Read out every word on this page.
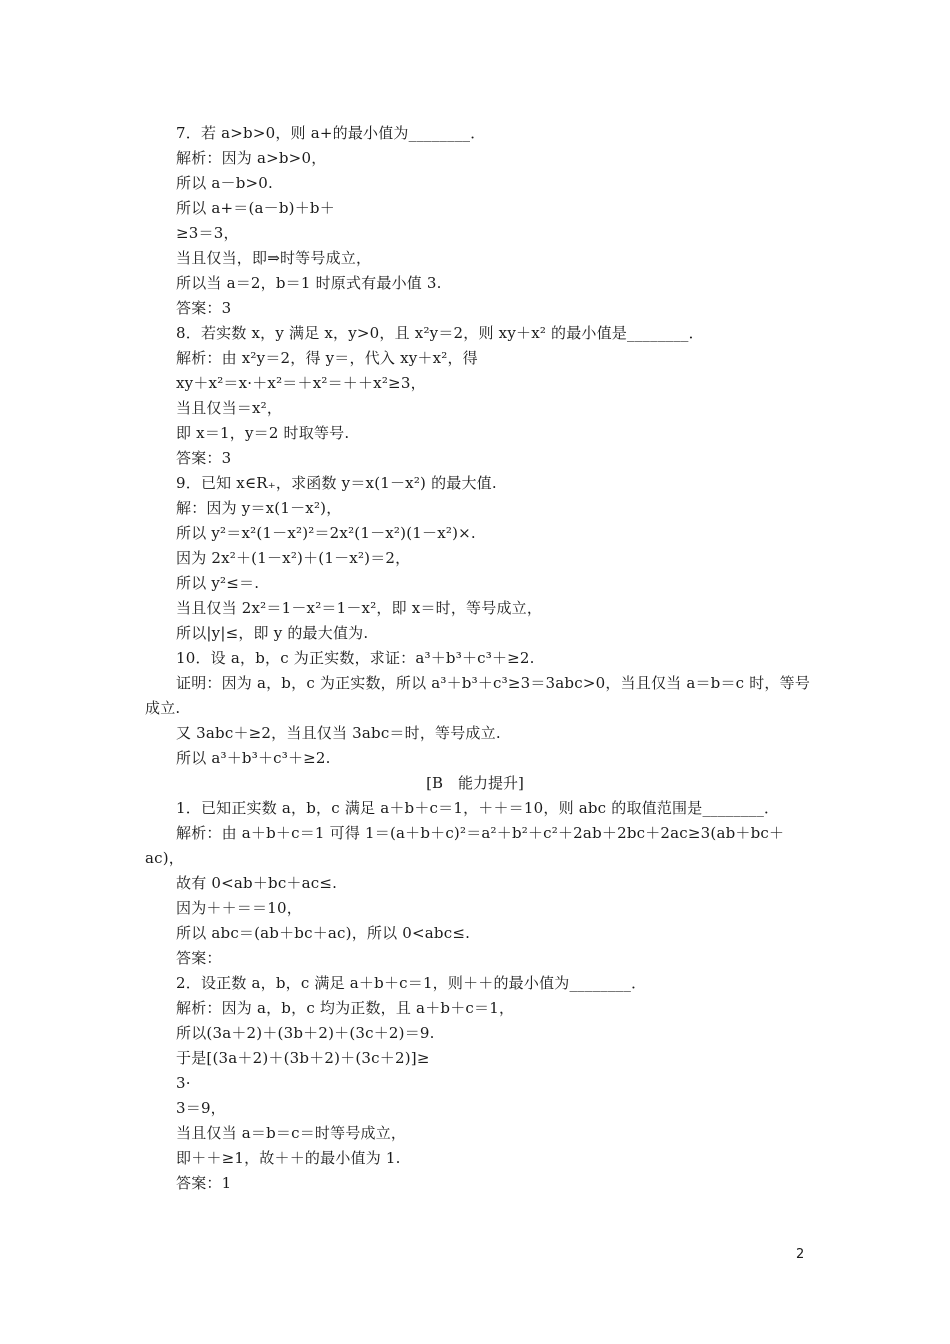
7．若 a>b>0，则 a+的最小值为________．
解析：因为 a>b>0，
所以 a－b>0.
所以 a+＝(a－b)＋b＋
≥3＝3，
当且仅当，即⇒时等号成立，
所以当 a＝2，b＝1 时原式有最小值 3.
答案：3
8．若实数 x，y 满足 x，y>0，且 x²y＝2，则 xy＋x² 的最小值是________．
解析：由 x²y＝2，得 y＝，代入 xy＋x²，得
xy＋x²＝x·＋x²＝＋x²＝＋＋x²≥3，
当且仅当＝x²，
即 x＝1，y＝2 时取等号.
答案：3
9．已知 x∈R₊，求函数 y＝x(1－x²) 的最大值.
解：因为 y＝x(1－x²)，
所以 y²＝x²(1－x²)²＝2x²(1－x²)(1－x²)×.
因为 2x²＋(1－x²)＋(1－x²)＝2，
所以 y²≤＝.
当且仅当 2x²＝1－x²＝1－x²，即 x＝时，等号成立，
所以|y|≤，即 y 的最大值为.
10．设 a，b，c 为正实数，求证：a³＋b³＋c³＋≥2.
证明：因为 a，b，c 为正实数，所以 a³＋b³＋c³≥3＝3abc>0，当且仅当 a＝b＝c 时，等号
成立.
又 3abc＋≥2，当且仅当 3abc＝时，等号成立.
所以 a³＋b³＋c³＋≥2.
[B　能力提升]
1．已知正实数 a，b，c 满足 a＋b＋c＝1，＋＋＝10，则 abc 的取值范围是________．
解析：由 a＋b＋c＝1 可得 1＝(a＋b＋c)²＝a²＋b²＋c²＋2ab＋2bc＋2ac≥3(ab＋bc＋
ac)，
故有 0<ab＋bc＋ac≤.
因为＋＋＝＝10，
所以 abc＝(ab＋bc＋ac)，所以 0<abc≤.
答案：
2．设正数 a，b，c 满足 a＋b＋c＝1，则＋＋的最小值为________．
解析：因为 a，b，c 均为正数，且 a＋b＋c＝1，
所以(3a＋2)＋(3b＋2)＋(3c＋2)＝9.
于是[(3a＋2)＋(3b＋2)＋(3c＋2)]≥
3·
3＝9，
当且仅当 a＝b＝c＝时等号成立，
即＋＋≥1，故＋＋的最小值为 1.
答案：1
2
